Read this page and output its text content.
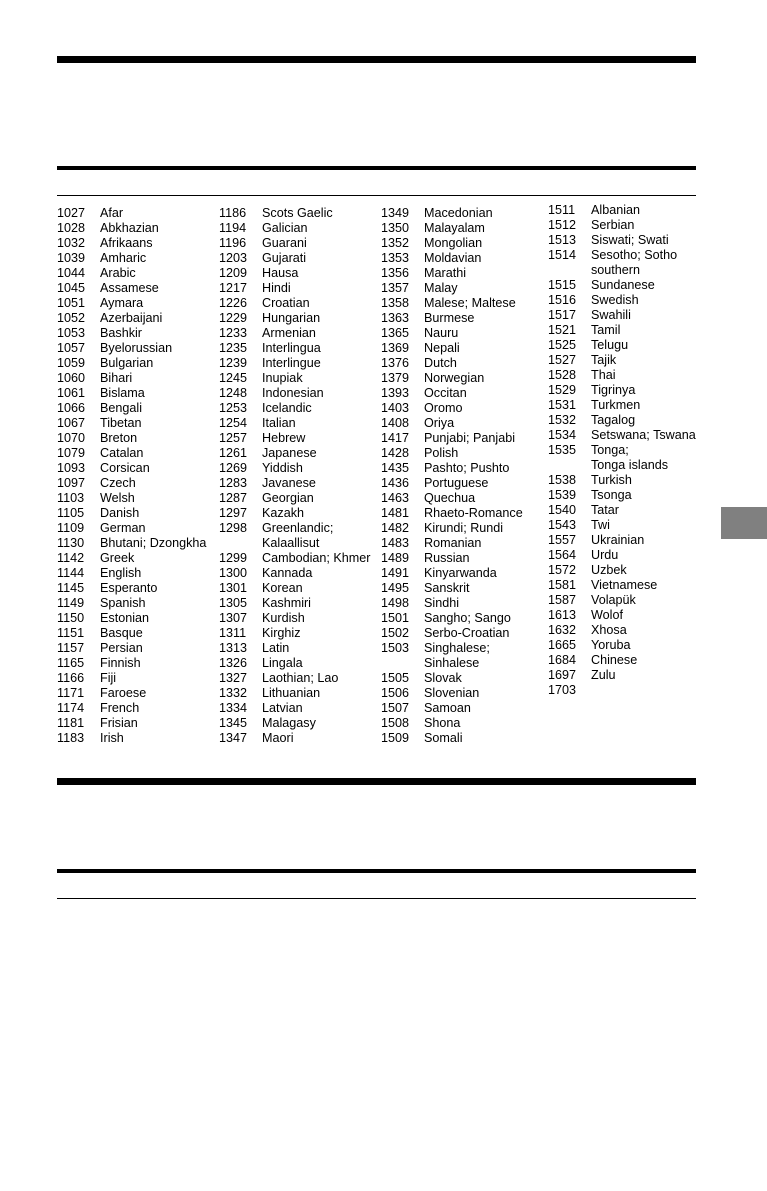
1027	Afar
1028	Abkhazian
1032	Afrikaans
1039	Amharic
1044	Arabic
1045	Assamese
1051	Aymara
1052	Azerbaijani
1053	Bashkir
1057	Byelorussian
1059	Bulgarian
1060	Bihari
1061	Bislama
1066	Bengali
1067	Tibetan
1070	Breton
1079	Catalan
1093	Corsican
1097	Czech
1103	Welsh
1105	Danish
1109	German
1130	Bhutani; Dzongkha
1142	Greek
1144	English
1145	Esperanto
1149	Spanish
1150	Estonian
1151	Basque
1157	Persian
1165	Finnish
1166	Fiji
1171	Faroese
1174	French
1181	Frisian
1183	Irish
1186	Scots Gaelic
1194	Galician
1196	Guarani
1203	Gujarati
1209	Hausa
1217	Hindi
1226	Croatian
1229	Hungarian
1233	Armenian
1235	Interlingua
1239	Interlingue
1245	Inupiak
1248	Indonesian
1253	Icelandic
1254	Italian
1257	Hebrew
1261	Japanese
1269	Yiddish
1283	Javanese
1287	Georgian
1297	Kazakh
1298	Greenlandic;
Kalaallisut
1299	Cambodian; Khmer
1300	Kannada
1301	Korean
1305	Kashmiri
1307	Kurdish
1311	Kirghiz
1313	Latin
1326	Lingala
1327	Laothian; Lao
1332	Lithuanian
1334	Latvian
1345	Malagasy
1347	Maori
1349	Macedonian
1350	Malayalam
1352	Mongolian
1353	Moldavian
1356	Marathi
1357	Malay
1358	Malese; Maltese
1363	Burmese
1365	Nauru
1369	Nepali
1376	Dutch
1379	Norwegian
1393	Occitan
1403	Oromo
1408	Oriya
1417	Punjabi; Panjabi
1428	Polish
1435	Pashto; Pushto
1436	Portuguese
1463	Quechua
1481	Rhaeto-Romance
1482	Kirundi; Rundi
1483	Romanian
1489	Russian
1491	Kinyarwanda
1495	Sanskrit
1498	Sindhi
1501	Sangho; Sango
1502	Serbo-Croatian
1503	Singhalese;
Sinhalese
1505	Slovak
1506	Slovenian
1507	Samoan
1508	Shona
1509	Somali
1511	Albanian
1512	Serbian
1513	Siswati; Swati
1514	Sesotho; Sotho
southern
1515	Sundanese
1516	Swedish
1517	Swahili
1521	Tamil
1525	Telugu
1527	Tajik
1528	Thai
1529	Tigrinya
1531	Turkmen
1532	Tagalog
1534	Setswana; Tswana
1535	Tonga;
Tonga islands
1538	Turkish
1539	Tsonga
1540	Tatar
1543	Twi
1557	Ukrainian
1564	Urdu
1572	Uzbek
1581	Vietnamese
1587	Volapük
1613	Wolof
1632	Xhosa
1665	Yoruba
1684	Chinese
1697	Zulu
1703
